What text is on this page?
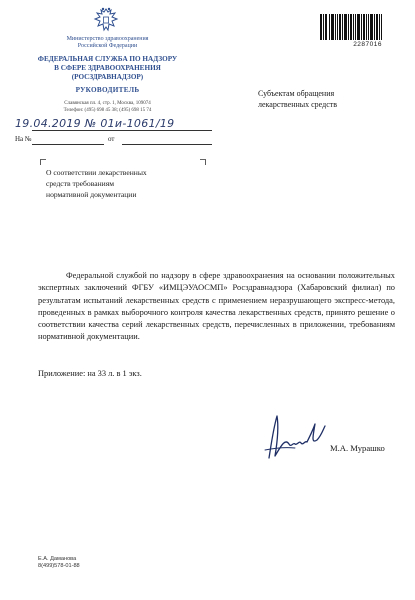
Министерство здравоохранения
Российской Федерации
ФЕДЕРАЛЬНАЯ СЛУЖБА ПО НАДЗОРУ
В СФЕРЕ ЗДРАВООХРАНЕНИЯ
(РОСЗДРАВНАДЗОР)
РУКОВОДИТЕЛЬ
Славянская пл. 4, стр. 1, Москва, 109074
Телефон: (495) 698 45 38; (495) 698 15 74
19.04.2019 № 01и-1061/19
На №	от
О соответствии лекарственных
средств требованиям
нормативной документации
2287016
Субъектам обращения
лекарственных средств

Федеральной службой по надзору в сфере здравоохранения на основании положительных экспертных заключений ФГБУ «ИМЦЭУАОСМП» Росздравнадзора (Хабаровский филиал) по результатам испытаний лекарственных средств с применением неразрушающего экспресс-метода, проведенных в рамках выборочного контроля качества лекарственных средств, принято решение о соответствии качества серий лекарственных средств, перечисленных в приложении, требованиям нормативной документации.

Приложение: на 33 л. в 1 экз.
М.А. Мурашко
Е.А. Даманова
8(499)578-01-88
